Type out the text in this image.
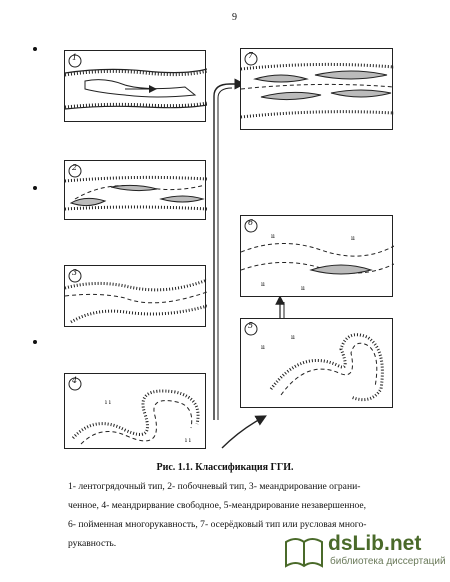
9
1
2
3
ı ı
ı ı
4
7
ıı	ıı
ıı
ıı
6
ıı
ıı
5
Рис. 1.1. Классификация ГГИ.

1- лентогрядочный тип, 2- побочневый тип, 3- меандрирование ограни-

ченное, 4- меандрирвание свободное, 5-меандрирование незавершенное,

6- пойменная многорукавность, 7- осерёдковый тип или русловая много-

рукавность.	dsLib.net
библиотека диссертаций
